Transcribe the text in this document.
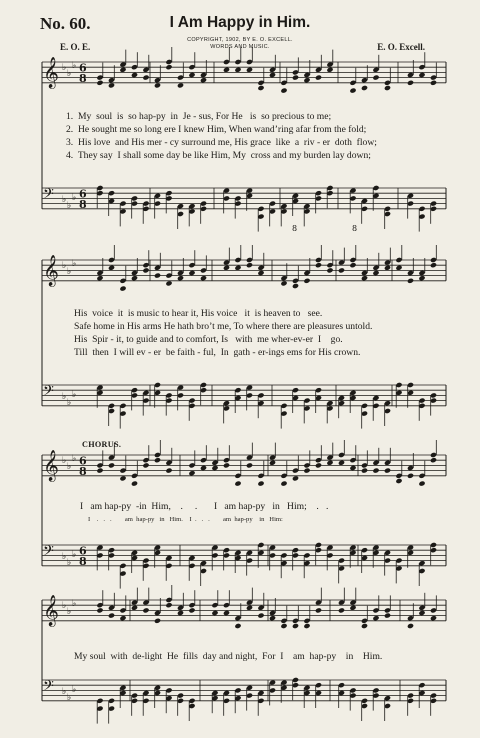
No. 60.	I Am Happy in Him.
E. O. E.	E. O. Excell.
COPYRIGHT, 1902, BY E. O. EXCELL.
WORDS AND MUSIC.
𝄞 ♭
♭
♭ 6
8
𝄢 ♭
♭
♭ 6
8
𝄞 ♭
♭
♭
𝄢 ♭
♭
♭
𝄞 ♭
♭
♭ 6
8
𝄢 ♭
♭
♭ 6
8
𝄞 ♭
♭
♭
𝄢 ♭
♭
♭
8	8
1.  My  soul  is  so hap-py  in  Je - sus, For He   is  so precious to me;
2.  He sought me so long ere I knew Him, When wand’ring afar from the fold;
3.  His love  and His mer - cy surround me, His grace  like  a  riv - er  doth  flow;
4.  They say  I shall some day be like Him, My  cross and my burden lay down;
His  voice  it  is music to hear it, His voice   it  is heaven to   see.
Safe home in His arms He hath bro’t me, To where there are pleasures untold.
His  Spir - it, to guide and to comfort, Is   with  me wher-ev-er  I    go.
Till  then  I will ev - er  be faith - ful,  In  gath - er-ings ems for His crown.
CHORUS.
I   am hap-py  -in  Him,    .     .       I   am hap-py   in   Him;    .   .
I    .   .   .        am  hap-py   in   Him.    I  .   .   .        am  hap-py    in   Him:
My soul  with  de-light  He  fills  day and night,  For  I    am  hap-py    in    Him.
